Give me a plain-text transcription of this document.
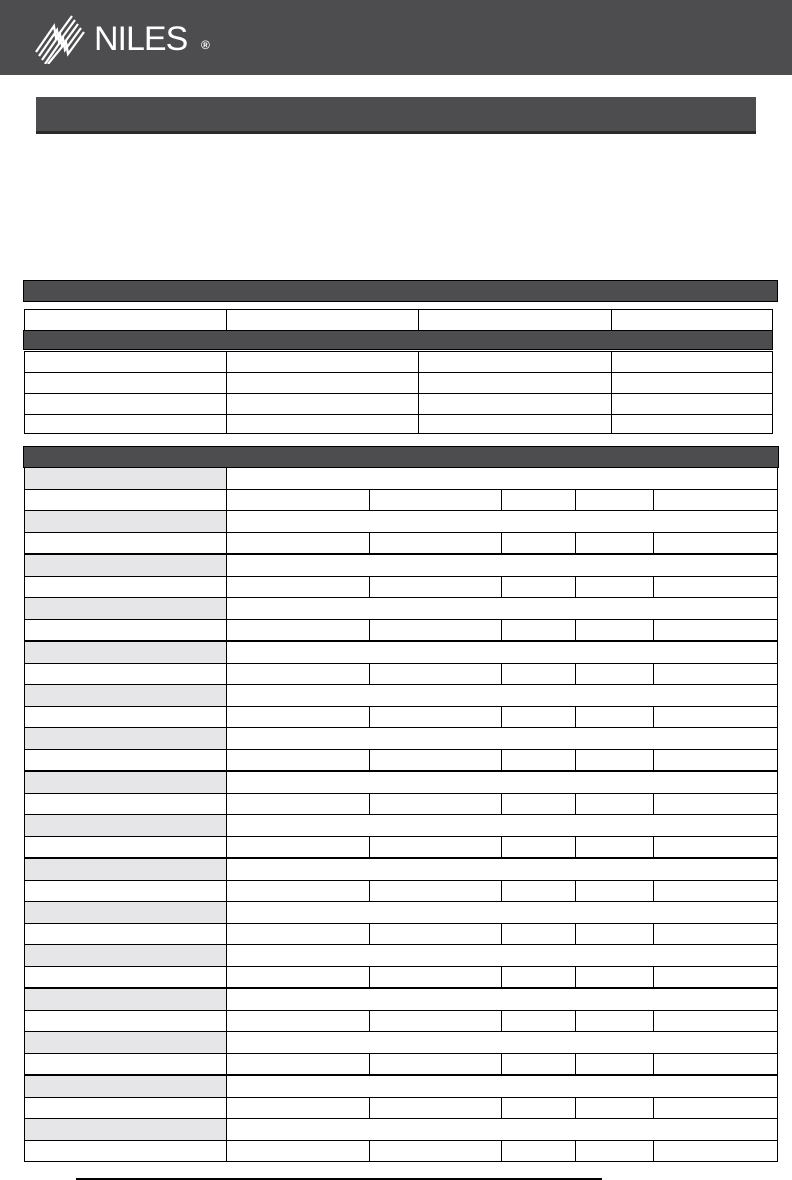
NILES ®
